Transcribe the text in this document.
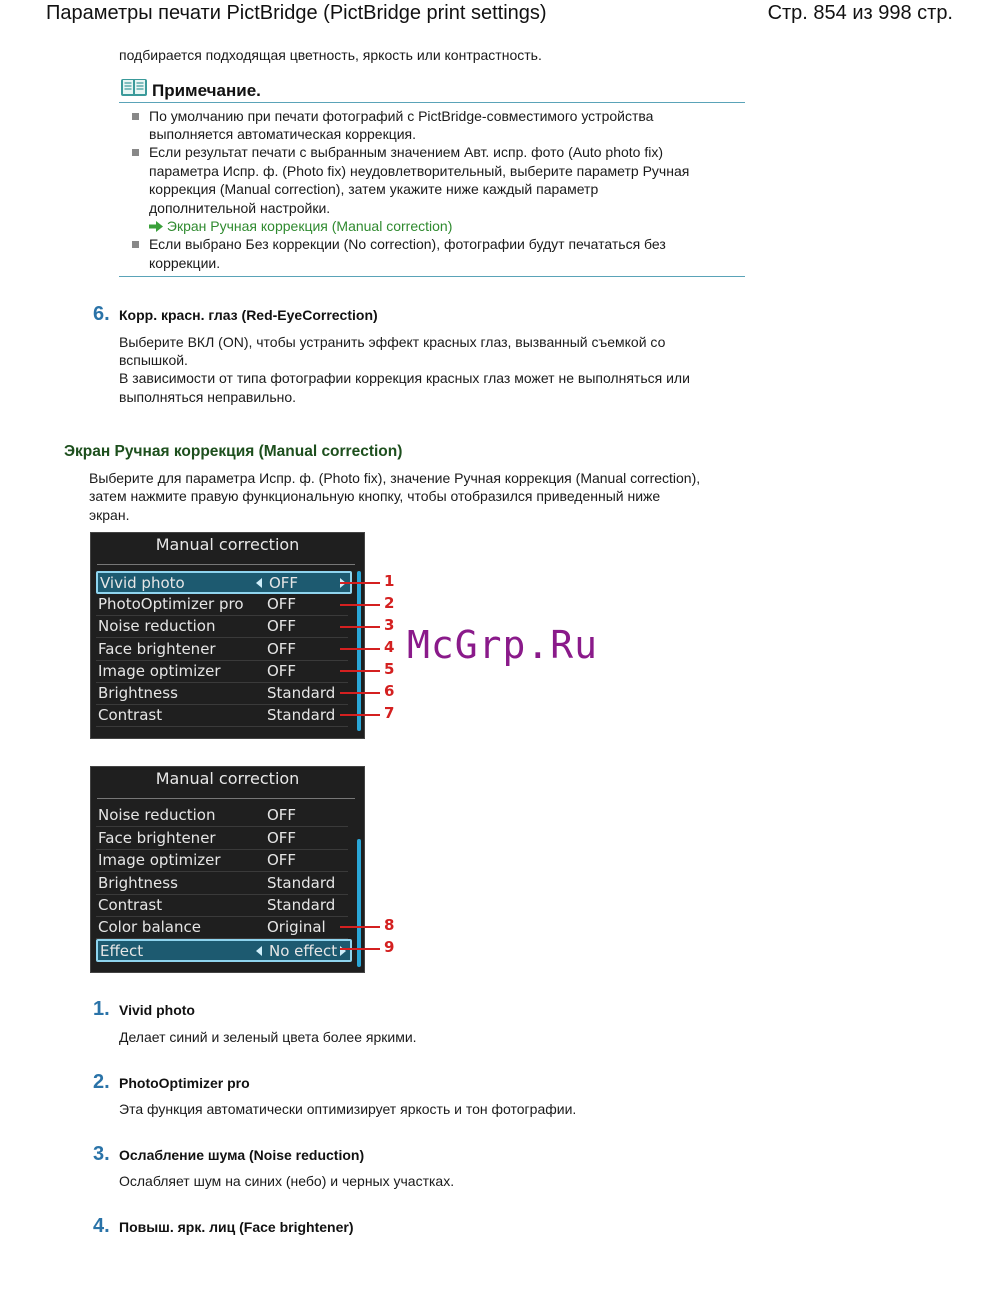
Параметры печати PictBridge (PictBridge print settings)	Стр. 854 из 998 стр.
подбирается подходящая цветность, яркость или контрастность.
Примечание.
По умолчанию при печати фотографий с PictBridge-совместимого устройства
выполняется автоматическая коррекция.
Если результат печати с выбранным значением Авт. испр. фото (Auto photo fix)
параметра Испр. ф. (Photo fix) неудовлетворительный, выберите параметр Ручная
коррекция (Manual correction), затем укажите ниже каждый параметр
дополнительной настройки.
Экран Ручная коррекция (Manual correction)
Если выбрано Без коррекции (No correction), фотографии будут печататься без
коррекции.
6. Корр. красн. глаз (Red-EyeCorrection)
Выберите ВКЛ (ON), чтобы устранить эффект красных глаз, вызванный съемкой со
вспышкой.
В зависимости от типа фотографии коррекция красных глаз может не выполняться или
выполняться неправильно.
Экран Ручная коррекция (Manual correction)
Выберите для параметра Испр. ф. (Photo fix), значение Ручная коррекция (Manual correction),
затем нажмите правую функциональную кнопку, чтобы отобразился приведенный ниже
экран.
Manual correction
Vivid photo	OFF
PhotoOptimizer pro OFF
Noise reduction	OFF
Face brightener	OFF
Image optimizer	OFF
Brightness	Standard
Contrast	Standard
1
2
3
4
5
6
7
McGrp.Ru
Manual correction
Noise reduction	OFF
Face brightener	OFF
Image optimizer	OFF
Brightness	Standard
Contrast	Standard
Color balance	Original
Effect	No effect
8
9
1. Vivid photo
Делает синий и зеленый цвета более яркими.
2. PhotoOptimizer pro
Эта функция автоматически оптимизирует яркость и тон фотографии.
3. Ослабление шума (Noise reduction)
Ослабляет шум на синих (небо) и черных участках.
4. Повыш. ярк. лиц (Face brightener)
